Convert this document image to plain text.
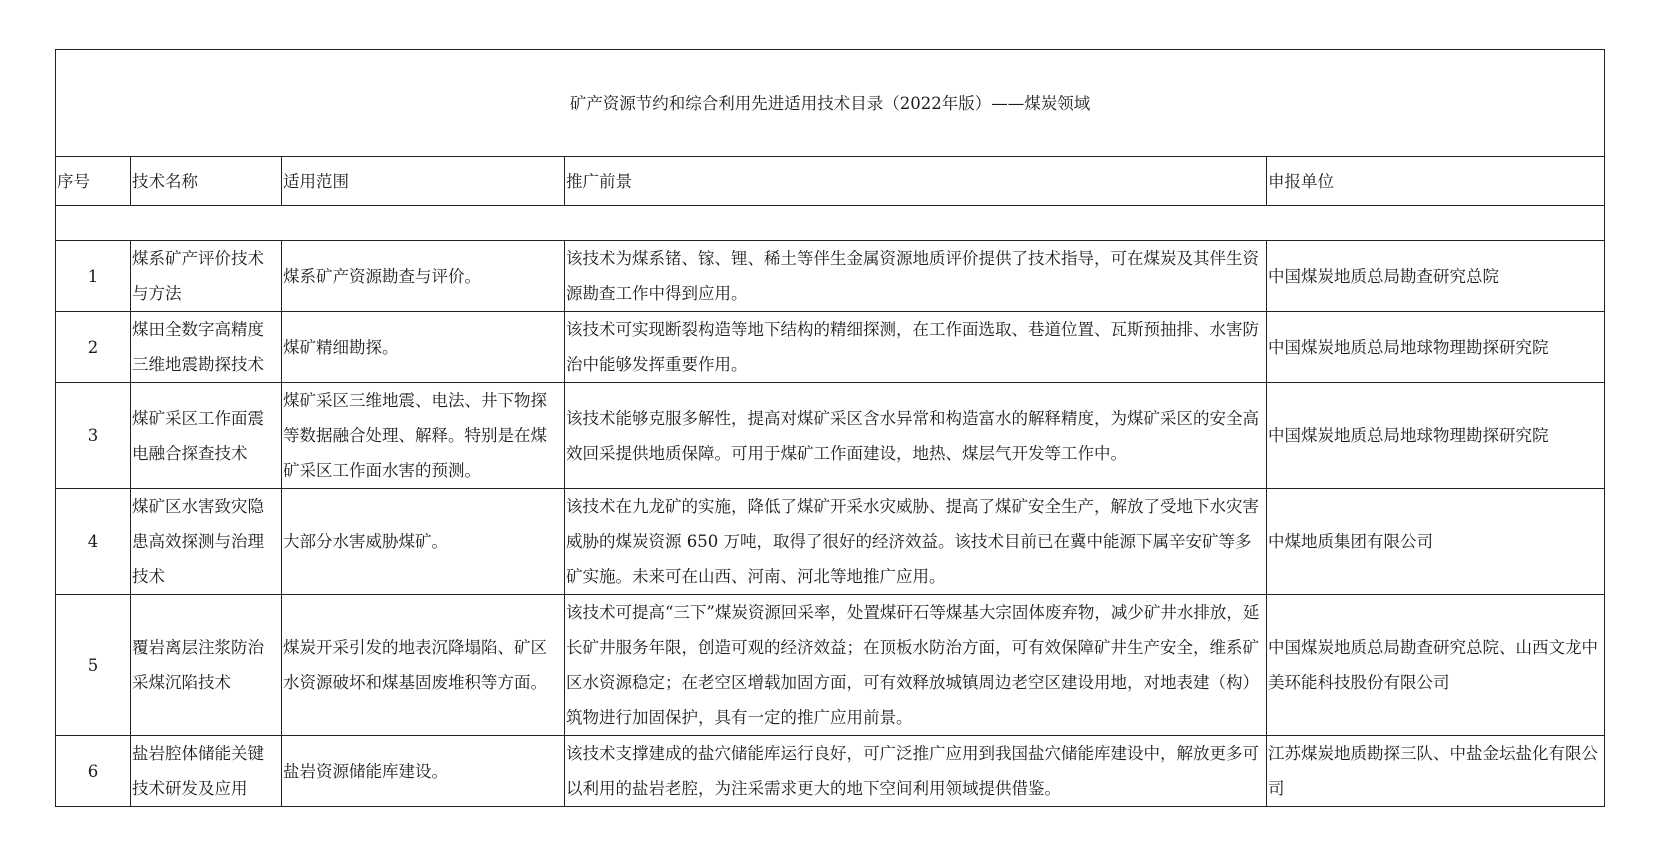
矿产资源节约和综合利用先进适用技术目录（2022年版）——煤炭领域				
序号	技术名称	适用范围	推广前景	申报单位

1	煤系矿产评价技术与方法	煤系矿产资源勘查与评价。	该技术为煤系锗、镓、锂、稀土等伴生金属资源地质评价提供了技术指导，可在煤炭及其伴生资源勘查工作中得到应用。	中国煤炭地质总局勘查研究总院
2	煤田全数字高精度三维地震勘探技术	煤矿精细勘探。	该技术可实现断裂构造等地下结构的精细探测，在工作面选取、巷道位置、瓦斯预抽排、水害防治中能够发挥重要作用。	中国煤炭地质总局地球物理勘探研究院
3	煤矿采区工作面震电融合探查技术	煤矿采区三维地震、电法、井下物探等数据融合处理、解释。特别是在煤矿采区工作面水害的预测。	该技术能够克服多解性，提高对煤矿采区含水异常和构造富水的解释精度，为煤矿采区的安全高效回采提供地质保障。可用于煤矿工作面建设，地热、煤层气开发等工作中。	中国煤炭地质总局地球物理勘探研究院
4	煤矿区水害致灾隐患高效探测与治理技术	大部分水害威胁煤矿。	该技术在九龙矿的实施，降低了煤矿开采水灾威胁、提高了煤矿安全生产，解放了受地下水灾害威胁的煤炭资源 650 万吨，取得了很好的经济效益。该技术目前已在冀中能源下属辛安矿等多矿实施。未来可在山西、河南、河北等地推广应用。	中煤地质集团有限公司
5	覆岩离层注浆防治采煤沉陷技术	煤炭开采引发的地表沉降塌陷、矿区水资源破坏和煤基固废堆积等方面。	该技术可提高“三下”煤炭资源回采率，处置煤矸石等煤基大宗固体废弃物，减少矿井水排放，延长矿井服务年限，创造可观的经济效益；在顶板水防治方面，可有效保障矿井生产安全，维系矿区水资源稳定；在老空区增载加固方面，可有效释放城镇周边老空区建设用地，对地表建（构）筑物进行加固保护，具有一定的推广应用前景。	中国煤炭地质总局勘查研究总院、山西文龙中美环能科技股份有限公司
6	盐岩腔体储能关键技术研发及应用	盐岩资源储能库建设。	该技术支撑建成的盐穴储能库运行良好，可广泛推广应用到我国盐穴储能库建设中，解放更多可以利用的盐岩老腔，为注采需求更大的地下空间利用领域提供借鉴。	江苏煤炭地质勘探三队、中盐金坛盐化有限公司
